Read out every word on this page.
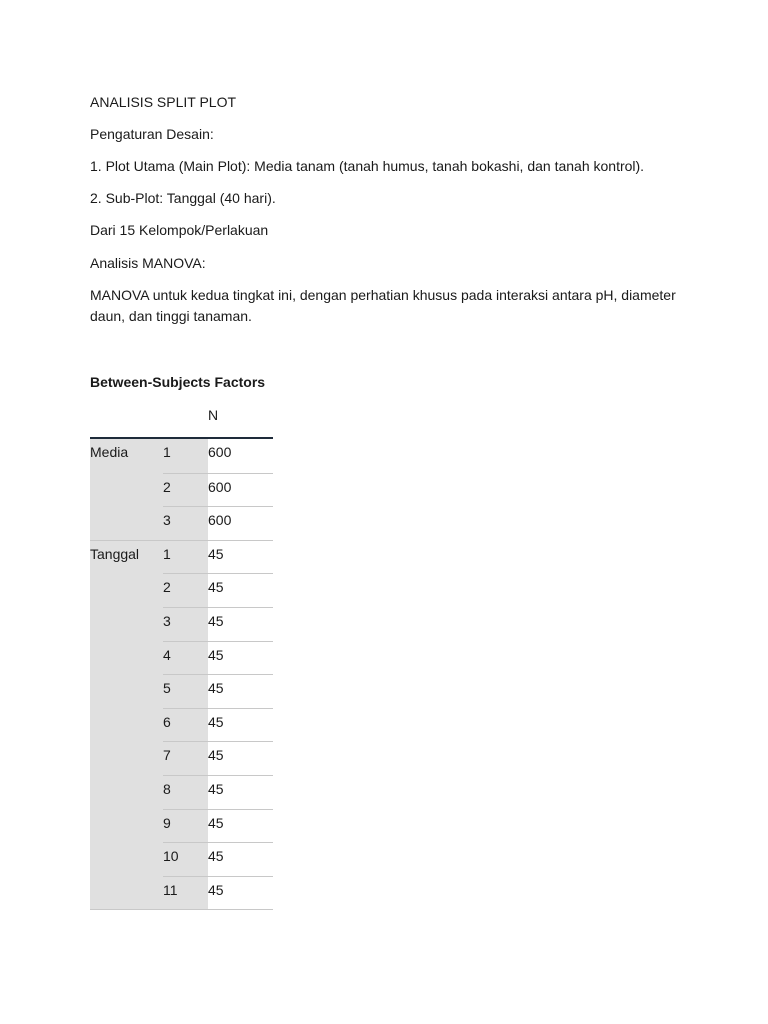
ANALISIS SPLIT PLOT

Pengaturan Desain:

1. Plot Utama (Main Plot): Media tanam (tanah humus, tanah bokashi, dan tanah kontrol).

2. Sub-Plot: Tanggal (40 hari).

Dari 15 Kelompok/Perlakuan

Analisis MANOVA:

MANOVA untuk kedua tingkat ini, dengan perhatian khusus pada interaksi antara pH, diameter daun, dan tinggi tanaman.

Between-Subjects Factors

N
Media	1	600
2	600
3	600
Tanggal	1	45
2	45
3	45
4	45
5	45
6	45
7	45
8	45
9	45
10	45
11	45
